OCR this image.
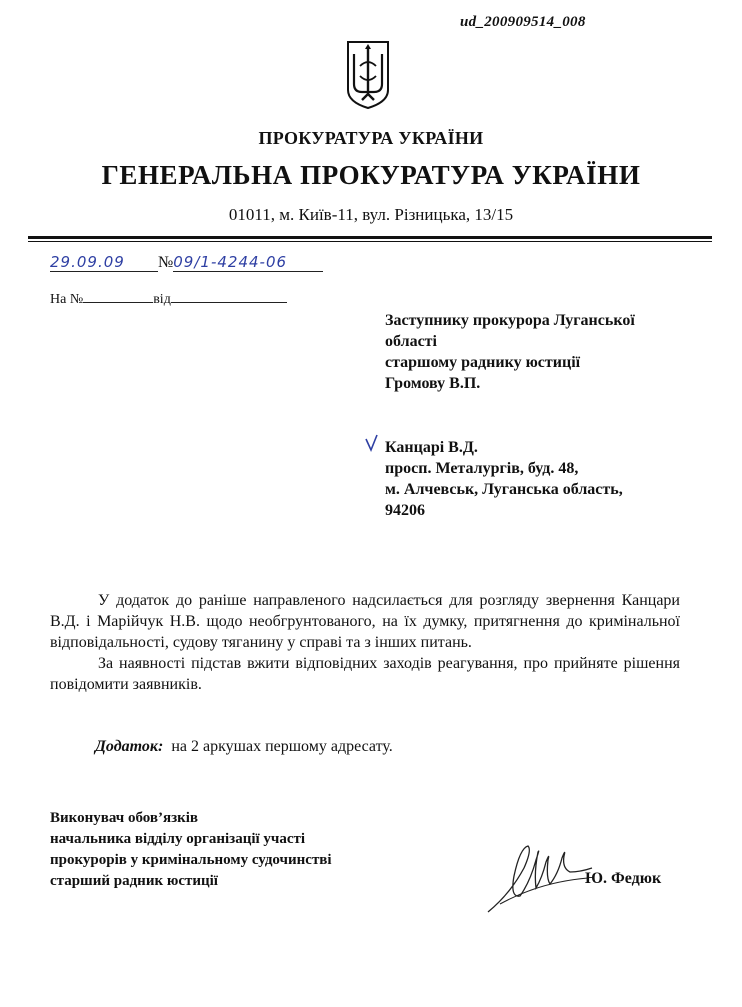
ud_200909514_008
ПРОКУРАТУРА УКРАЇНИ
ГЕНЕРАЛЬНА ПРОКУРАТУРА УКРАЇНИ
01011, м. Київ-11, вул. Різницька, 13/15
29.09.09 №09/1-4244-06
На №	від
Заступнику прокурора Луганської
області
старшому раднику юстиції
Громову В.П.
Канцарі В.Д.
просп. Металургів, буд. 48,
м. Алчевськ, Луганська область,
94206

У додаток до раніше направленого надсилається для розгляду звернення Канцари В.Д. і Марійчук Н.В. щодо необгрунтованого, на їх думку, притягнення до кримінальної відповідальності, судову тяганину у справі та з інших питань.

За наявності підстав вжити відповідних заходів реагування, про прийняте рішення повідомити заявників.

Додаток: на 2 аркушах першому адресату.
Виконувач обов’язків
начальника відділу організації участі
прокурорів у кримінальному судочинстві
старший радник юстиції	Ю. Федюк
